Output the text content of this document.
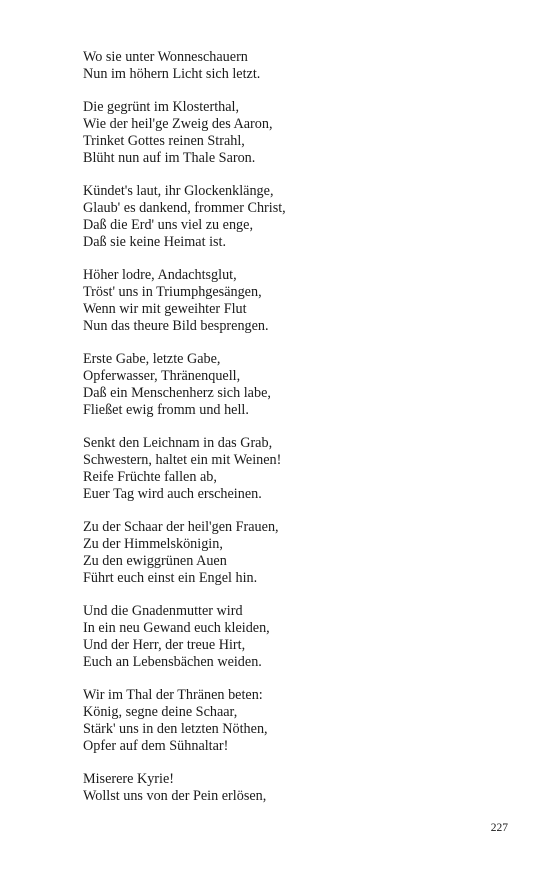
Wo sie unter Wonneschauern
Nun im höhern Licht sich letzt.
Die gegrünt im Klosterthal,
Wie der heil'ge Zweig des Aaron,
Trinket Gottes reinen Strahl,
Blüht nun auf im Thale Saron.
Kündet's laut, ihr Glockenklänge,
Glaub' es dankend, frommer Christ,
Daß die Erd' uns viel zu enge,
Daß sie keine Heimat ist.
Höher lodre, Andachtsglut,
Tröst' uns in Triumphgesängen,
Wenn wir mit geweihter Flut
Nun das theure Bild besprengen.
Erste Gabe, letzte Gabe,
Opferwasser, Thränenquell,
Daß ein Menschenherz sich labe,
Fließet ewig fromm und hell.
Senkt den Leichnam in das Grab,
Schwestern, haltet ein mit Weinen!
Reife Früchte fallen ab,
Euer Tag wird auch erscheinen.
Zu der Schaar der heil'gen Frauen,
Zu der Himmelskönigin,
Zu den ewiggrünen Auen
Führt euch einst ein Engel hin.
Und die Gnadenmutter wird
In ein neu Gewand euch kleiden,
Und der Herr, der treue Hirt,
Euch an Lebensbächen weiden.
Wir im Thal der Thränen beten:
König, segne deine Schaar,
Stärk' uns in den letzten Nöthen,
Opfer auf dem Sühnaltar!
Miserere Kyrie!
Wollst uns von der Pein erlösen,
227
